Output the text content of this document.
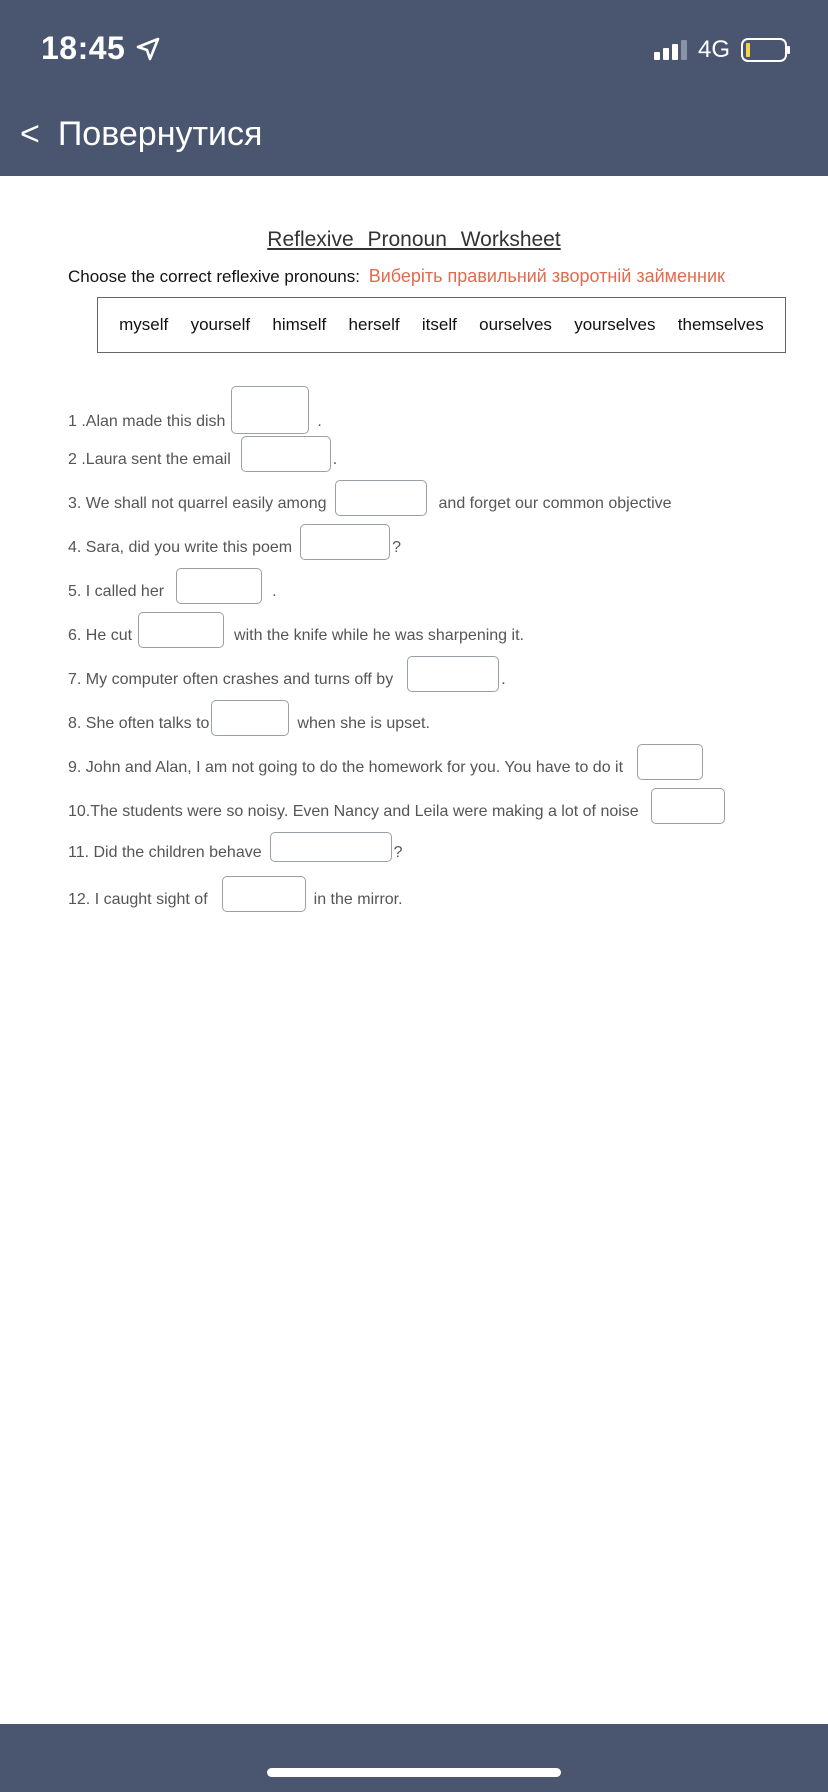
18:45	4G
< Повернутися
Reflexive Pronoun Worksheet
Choose the correct reflexive pronouns: Виберіть правильний зворотній займенник
myself yourself himself herself itself ourselves yourselves themselves
1 .Alan made this dish	.
2 .Laura sent the email	.
3. We shall not quarrel easily among	and forget our common objective
4. Sara, did you write this poem	?
5. I called her	.
6. He cut	with the knife while he was sharpening it.
7. My computer often crashes and turns off by	.
8. She often talks to	when she is upset.
9. John and Alan, I am not going to do the homework for you. You have to do it
10.The students were so noisy. Even Nancy and Leila were making a lot of noise
11. Did the children behave	?
12. I caught sight of	in the mirror.
